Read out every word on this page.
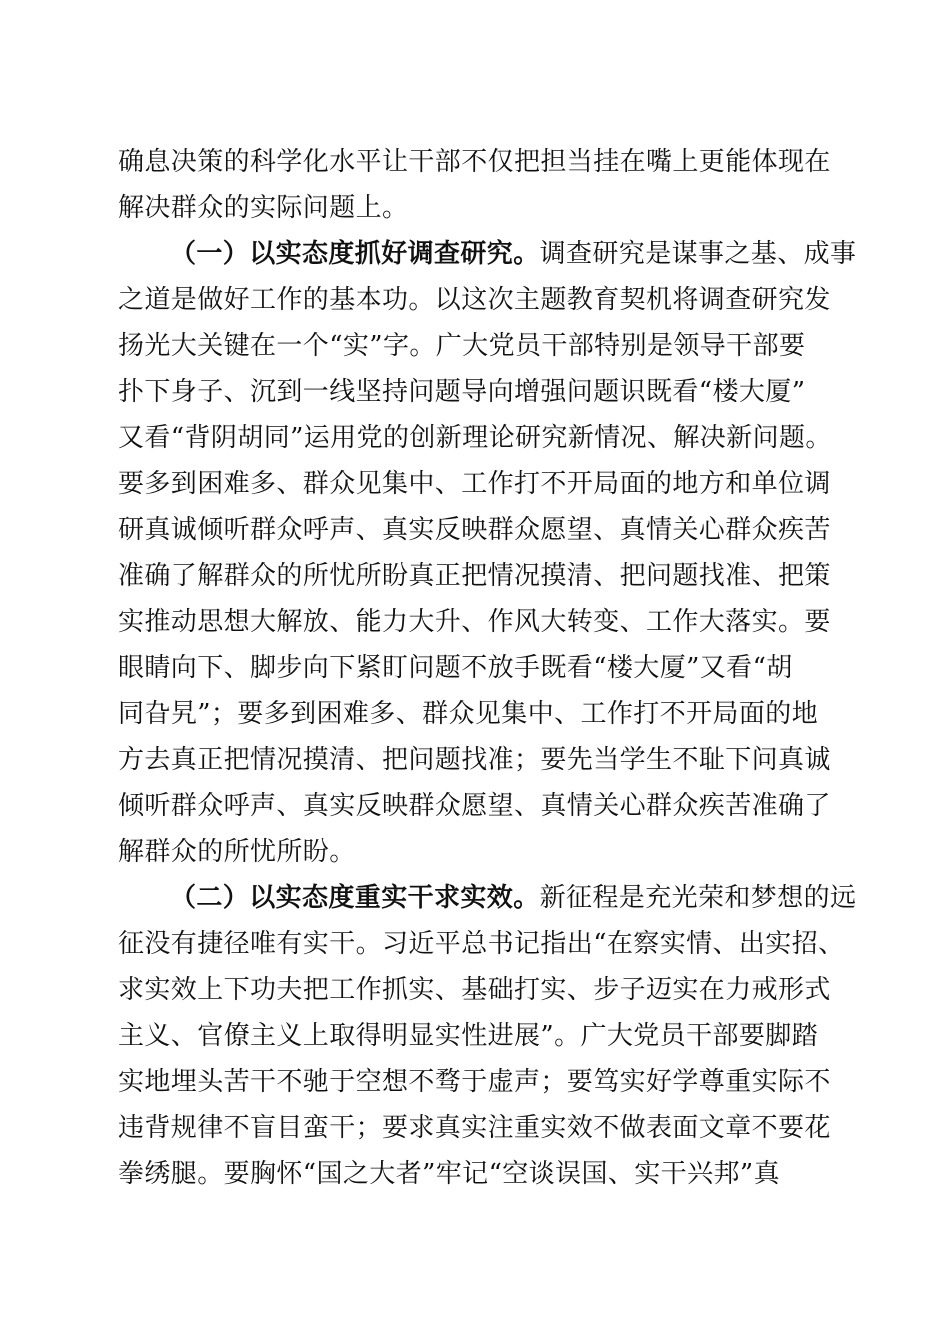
确息决策的科学化水平让干部不仅把担当挂在嘴上更能体现在
解决群众的实际问题上。
（一）以实态度抓好调查研究。调查研究是谋事之基、成事
之道是做好工作的基本功。以这次主题教育契机将调查研究发
扬光大关键在一个“实”字。广大党员干部特别是领导干部要
扑下身子、沉到一线坚持问题导向增强问题识既看“楼大厦”
又看“背阴胡同”运用党的创新理论研究新情况、解决新问题。
要多到困难多、群众见集中、工作打不开局面的地方和单位调
研真诚倾听群众呼声、真实反映群众愿望、真情关心群众疾苦
准确了解群众的所忧所盼真正把情况摸清、把问题找准、把策
实推动思想大解放、能力大升、作风大转变、工作大落实。要
眼睛向下、脚步向下紧盯问题不放手既看“楼大厦”又看“胡
同旮旯”；要多到困难多、群众见集中、工作打不开局面的地
方去真正把情况摸清、把问题找准；要先当学生不耻下问真诚
倾听群众呼声、真实反映群众愿望、真情关心群众疾苦准确了
解群众的所忧所盼。
（二）以实态度重实干求实效。新征程是充光荣和梦想的远
征没有捷径唯有实干。习近平总书记指出“在察实情、出实招、
求实效上下功夫把工作抓实、基础打实、步子迈实在力戒形式
主义、官僚主义上取得明显实性进展”。广大党员干部要脚踏
实地埋头苦干不驰于空想不骛于虚声；要笃实好学尊重实际不
违背规律不盲目蛮干；要求真实注重实效不做表面文章不要花
拳绣腿。要胸怀“国之大者”牢记“空谈误国、实干兴邦”真
